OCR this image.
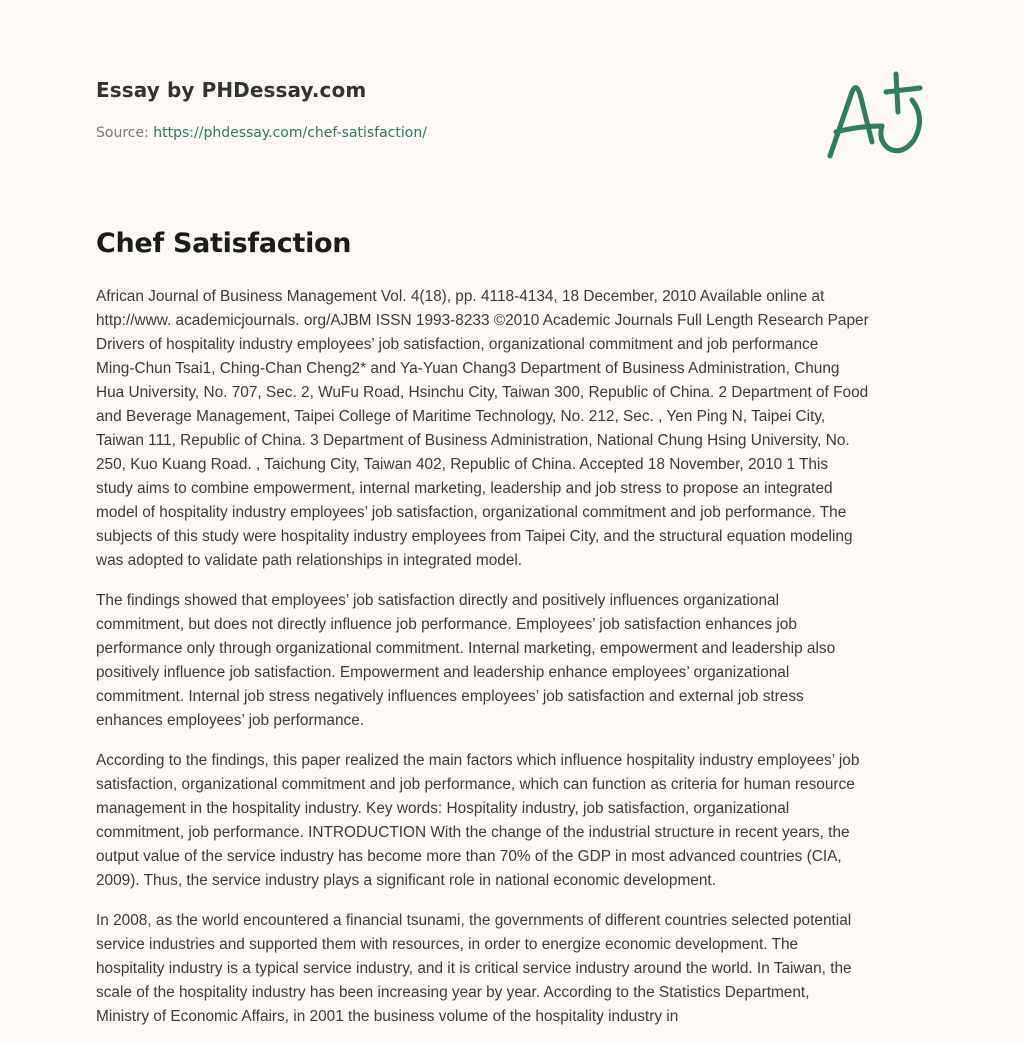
Essay by PHDessay.com
Source: https://phdessay.com/chef-satisfaction/
Chef Satisfaction
African Journal of Business Management Vol. 4(18), pp. 4118-4134, 18 December, 2010 Available online at
http://www. academicjournals. org/AJBM ISSN 1993-8233 ©2010 Academic Journals Full Length Research Paper
Drivers of hospitality industry employees’ job satisfaction, organizational commitment and job performance
Ming-Chun Tsai1, Ching-Chan Cheng2* and Ya-Yuan Chang3 Department of Business Administration, Chung
Hua University, No. 707, Sec. 2, WuFu Road, Hsinchu City, Taiwan 300, Republic of China. 2 Department of Food
and Beverage Management, Taipei College of Maritime Technology, No. 212, Sec. , Yen Ping N, Taipei City,
Taiwan 111, Republic of China. 3 Department of Business Administration, National Chung Hsing University, No.
250, Kuo Kuang Road. , Taichung City, Taiwan 402, Republic of China. Accepted 18 November, 2010 1 This
study aims to combine empowerment, internal marketing, leadership and job stress to propose an integrated
model of hospitality industry employees’ job satisfaction, organizational commitment and job performance. The
subjects of this study were hospitality industry employees from Taipei City, and the structural equation modeling
was adopted to validate path relationships in integrated model.
The findings showed that employees’ job satisfaction directly and positively influences organizational
commitment, but does not directly influence job performance. Employees’ job satisfaction enhances job
performance only through organizational commitment. Internal marketing, empowerment and leadership also
positively influence job satisfaction. Empowerment and leadership enhance employees’ organizational
commitment. Internal job stress negatively influences employees’ job satisfaction and external job stress
enhances employees’ job performance.
According to the findings, this paper realized the main factors which influence hospitality industry employees’ job
satisfaction, organizational commitment and job performance, which can function as criteria for human resource
management in the hospitality industry. Key words: Hospitality industry, job satisfaction, organizational
commitment, job performance. INTRODUCTION With the change of the industrial structure in recent years, the
output value of the service industry has become more than 70% of the GDP in most advanced countries (CIA,
2009). Thus, the service industry plays a significant role in national economic development.
In 2008, as the world encountered a financial tsunami, the governments of different countries selected potential
service industries and supported them with resources, in order to energize economic development. The
hospitality industry is a typical service industry, and it is critical service industry around the world. In Taiwan, the
scale of the hospitality industry has been increasing year by year. According to the Statistics Department,
Ministry of Economic Affairs, in 2001 the business volume of the hospitality industry in
